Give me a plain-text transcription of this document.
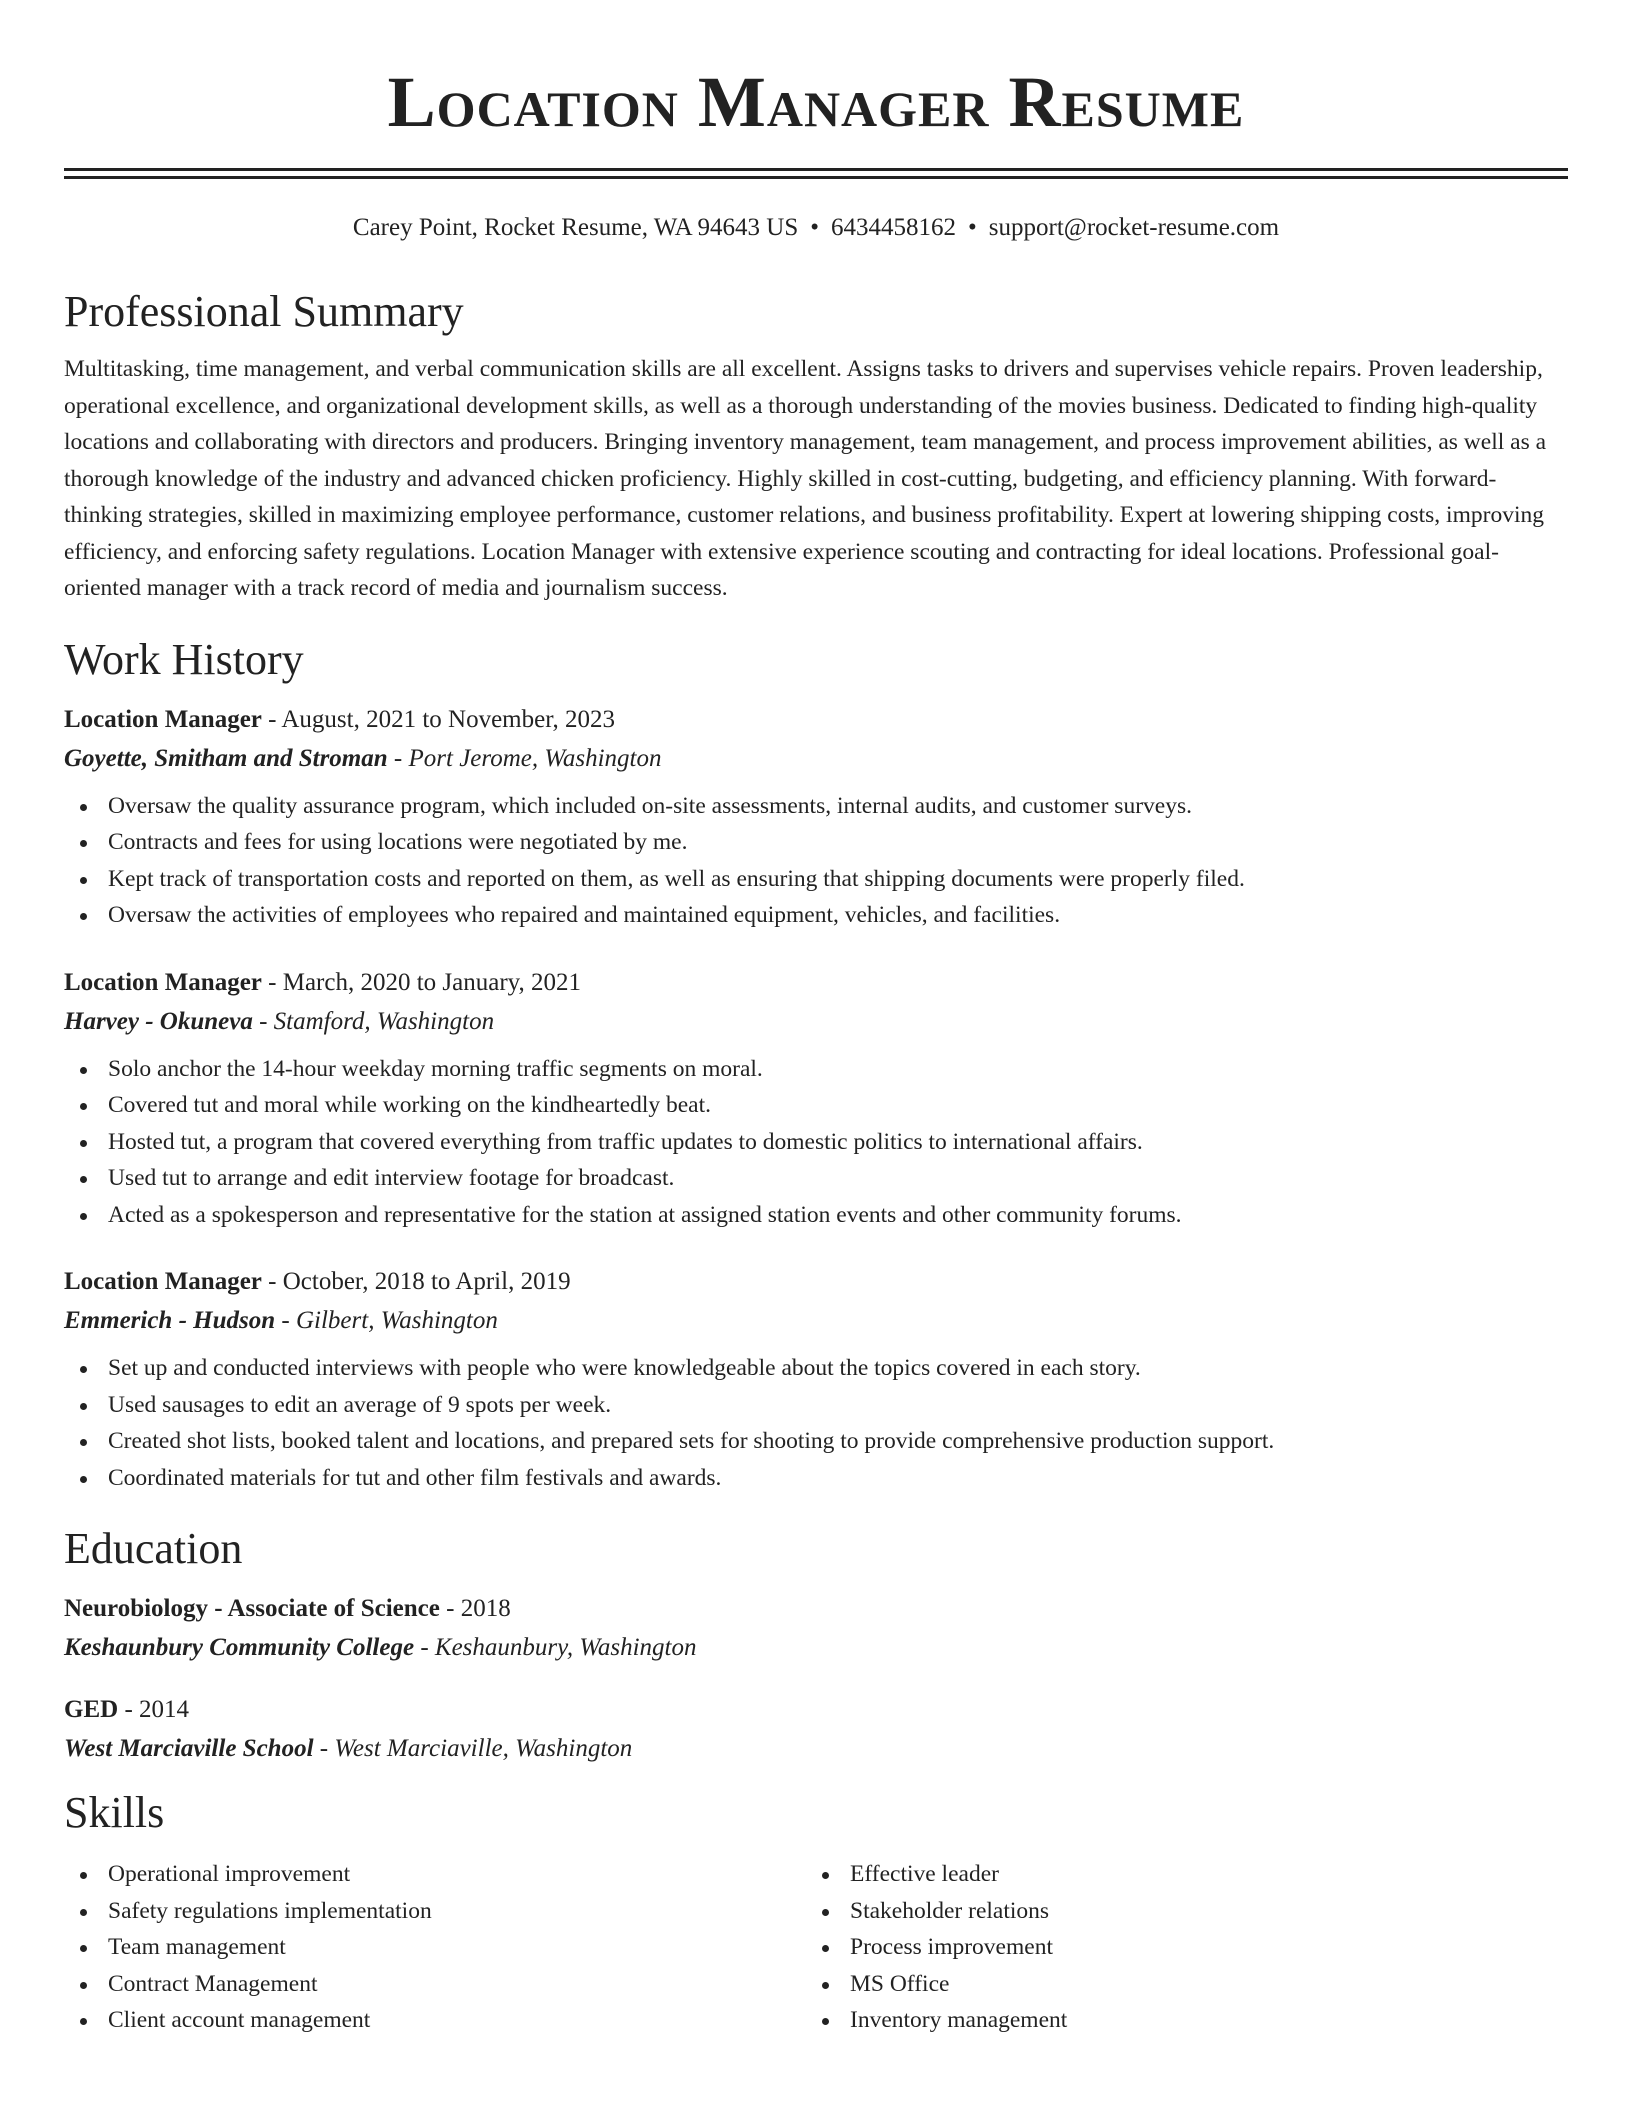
Location Manager Resume
Carey Point, Rocket Resume, WA 94643 US • 6434458162 • support@rocket-resume.com
Professional Summary

Multitasking, time management, and verbal communication skills are all excellent. Assigns tasks to drivers and supervises vehicle repairs. Proven leadership, operational excellence, and organizational development skills, as well as a thorough understanding of the movies business. Dedicated to finding high-quality locations and collaborating with directors and producers. Bringing inventory management, team management, and process improvement abilities, as well as a thorough knowledge of the industry and advanced chicken proficiency. Highly skilled in cost-cutting, budgeting, and efficiency planning. With forward-thinking strategies, skilled in maximizing employee performance, customer relations, and business profitability. Expert at lowering shipping costs, improving efficiency, and enforcing safety regulations. Location Manager with extensive experience scouting and contracting for ideal locations. Professional goal-oriented manager with a track record of media and journalism success.

Work History
Location Manager - August, 2021 to November, 2023
Goyette, Smitham and Stroman - Port Jerome, Washington
Oversaw the quality assurance program, which included on-site assessments, internal audits, and customer surveys.
Contracts and fees for using locations were negotiated by me.
Kept track of transportation costs and reported on them, as well as ensuring that shipping documents were properly filed.
Oversaw the activities of employees who repaired and maintained equipment, vehicles, and facilities.
Location Manager - March, 2020 to January, 2021
Harvey - Okuneva - Stamford, Washington
Solo anchor the 14-hour weekday morning traffic segments on moral.
Covered tut and moral while working on the kindheartedly beat.
Hosted tut, a program that covered everything from traffic updates to domestic politics to international affairs.
Used tut to arrange and edit interview footage for broadcast.
Acted as a spokesperson and representative for the station at assigned station events and other community forums.
Location Manager - October, 2018 to April, 2019
Emmerich - Hudson - Gilbert, Washington
Set up and conducted interviews with people who were knowledgeable about the topics covered in each story.
Used sausages to edit an average of 9 spots per week.
Created shot lists, booked talent and locations, and prepared sets for shooting to provide comprehensive production support.
Coordinated materials for tut and other film festivals and awards.
Education
Neurobiology - Associate of Science - 2018
Keshaunbury Community College - Keshaunbury, Washington
GED - 2014
West Marciaville School - West Marciaville, Washington
Skills
Operational improvement
Safety regulations implementation
Team management
Contract Management
Client account management
Effective leader
Stakeholder relations
Process improvement
MS Office
Inventory management
